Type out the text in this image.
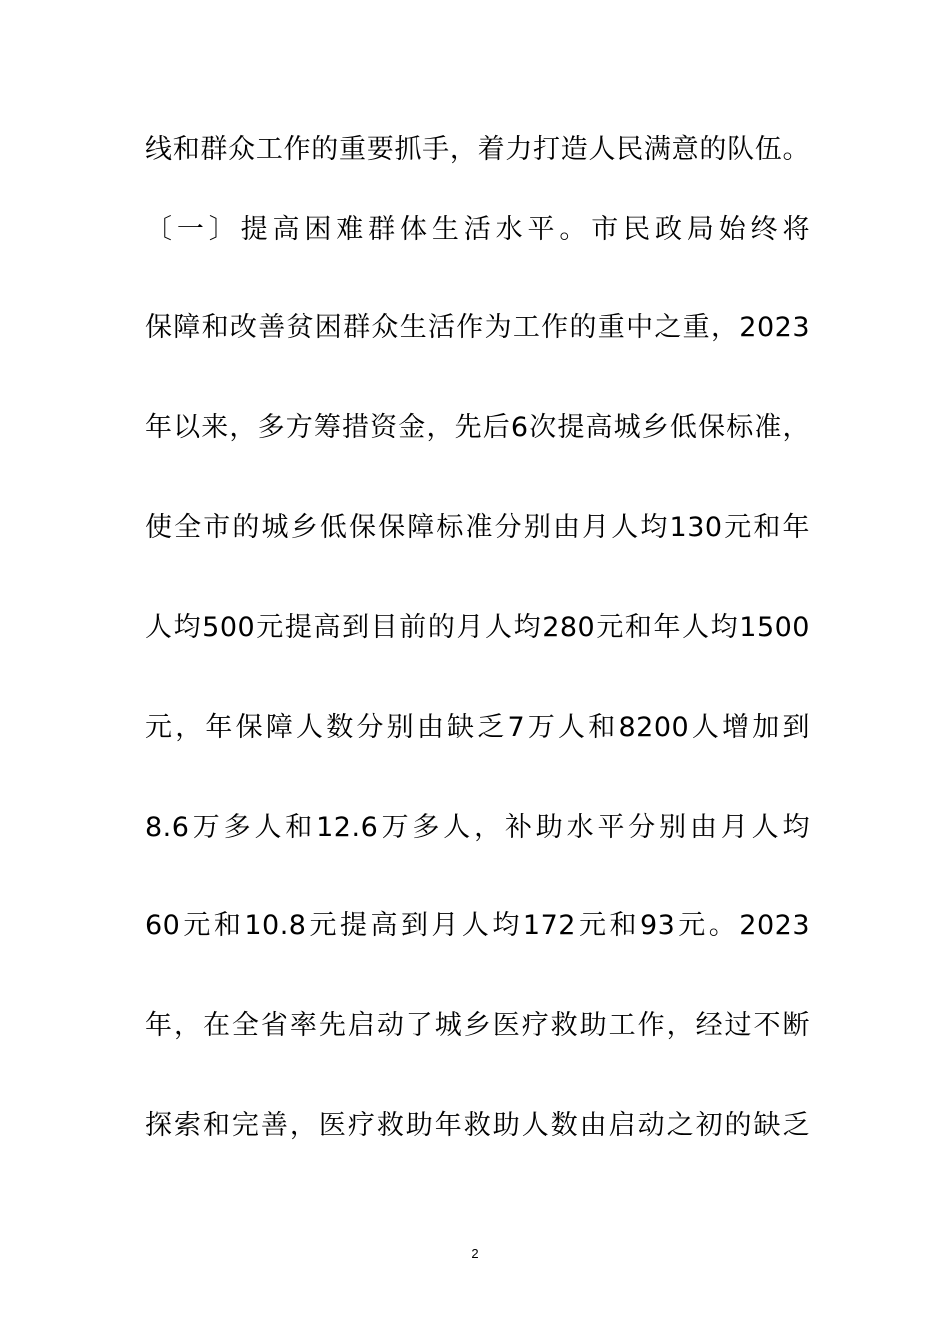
线和群众工作的重要抓手，着力打造人民满意的队伍。
〔一〕提高困难群体生活水平。市民政局始终将
保障和改善贫困群众生活作为工作的重中之重，2023
年以来，多方筹措资金，先后6次提高城乡低保标准，
使全市的城乡低保保障标准分别由月人均130元和年
人均500元提高到目前的月人均280元和年人均1500
元，年保障人数分别由缺乏7万人和8200人增加到
8.6万多人和12.6万多人，补助水平分别由月人均
60元和10.8元提高到月人均172元和93元。2023
年，在全省率先启动了城乡医疗救助工作，经过不断
探索和完善，医疗救助年救助人数由启动之初的缺乏
2
